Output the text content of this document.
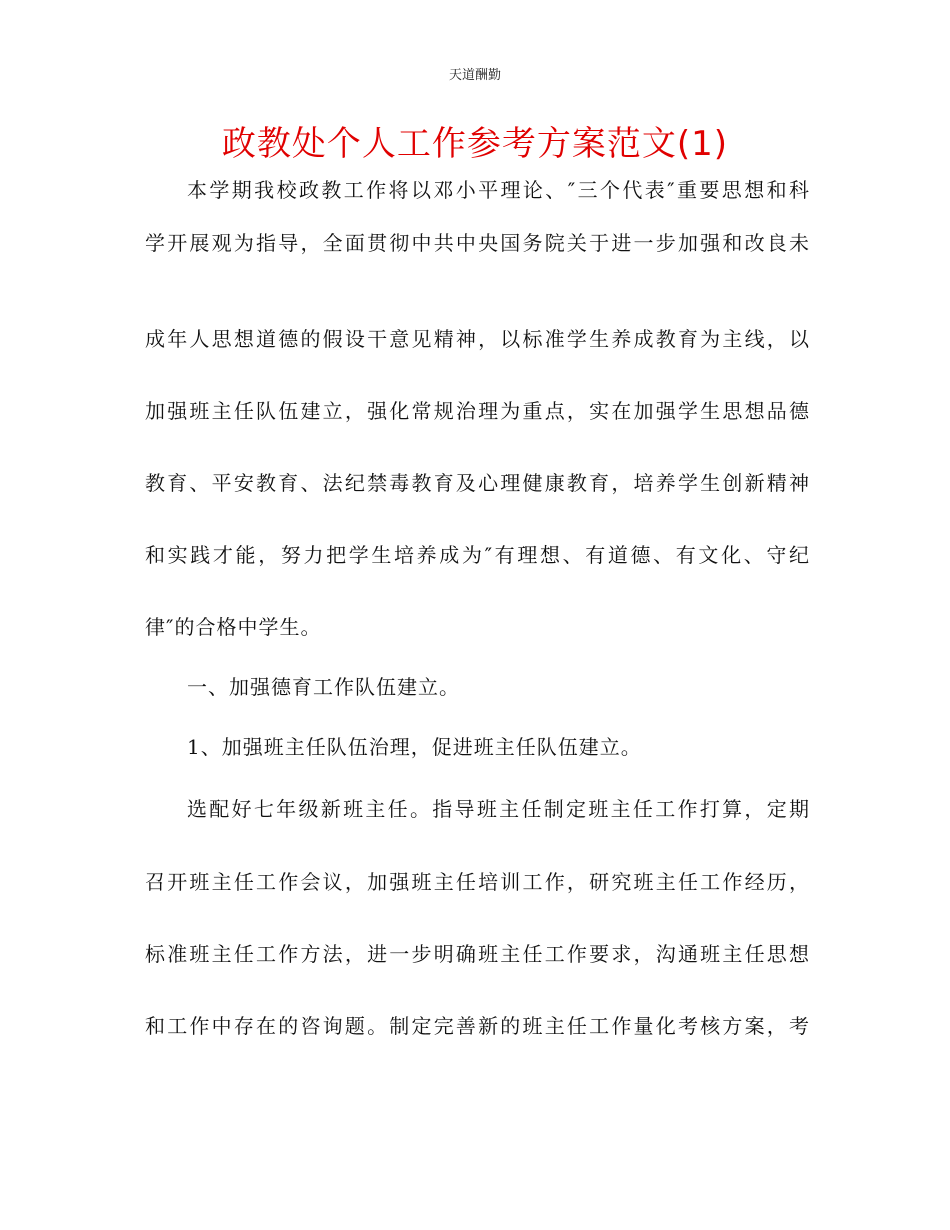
天道酬勤
政教处个人工作参考方案范文(1)
本学期我校政教工作将以邓小平理论、″三个代表″重要思想和科
学开展观为指导，全面贯彻中共中央国务院关于进一步加强和改良未
成年人思想道德的假设干意见精神，以标准学生养成教育为主线，以
加强班主任队伍建立，强化常规治理为重点，实在加强学生思想品德
教育、平安教育、法纪禁毒教育及心理健康教育，培养学生创新精神
和实践才能，努力把学生培养成为″有理想、有道德、有文化、守纪
律″的合格中学生。
一、加强德育工作队伍建立。
1、加强班主任队伍治理，促进班主任队伍建立。
选配好七年级新班主任。指导班主任制定班主任工作打算，定期
召开班主任工作会议，加强班主任培训工作，研究班主任工作经历，
标准班主任工作方法，进一步明确班主任工作要求，沟通班主任思想
和工作中存在的咨询题。制定完善新的班主任工作量化考核方案，考
